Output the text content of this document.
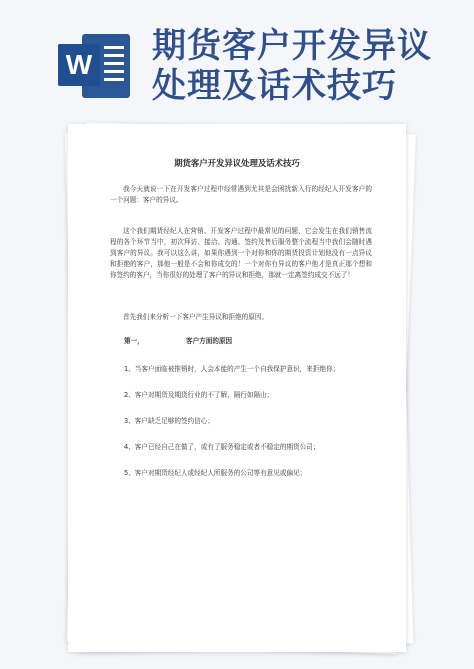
W 期货客户开发异议
处理及话术技巧
期货客户开发异议处理及话术技巧
我今天就说一下在开发客户过程中经常遇到尤其是会困扰新入行的经纪人开发客户的一个问题：客户的异议。
这个我们期货经纪人在营销、开发客户过程中最常见的问题，它会发生在我们销售流程的各个环节当中，初次拜访、接洽、沟通、签约及售后服务整个流程当中我们会随时遇到客户的异议。我可以这么讲，如果你遇到一个对你和你的期货投资计划他没有一点异议和拒绝的客户，那他一般是不会和你成交的！一个对你有异议的客户他才是真正那个想和你签约的客户，当你很好的处理了客户的异议和拒绝，那就一定离签约成交不远了！
首先我们来分析一下客户产生异议和拒绝的原因。
第一，	客户方面的原因
1、当客户面临被推销时，人会本能的产生一个自我保护意识，来拒绝你；
2、客户对期货及期货行业的不了解，隔行如隔山；
3、客户缺乏足够的签约信心；
4、客户已经自己在做了，或有了服务稳定或者不稳定的期货公司；
5、客户对期货经纪人或经纪人所服务的公司等有意见或偏见；
